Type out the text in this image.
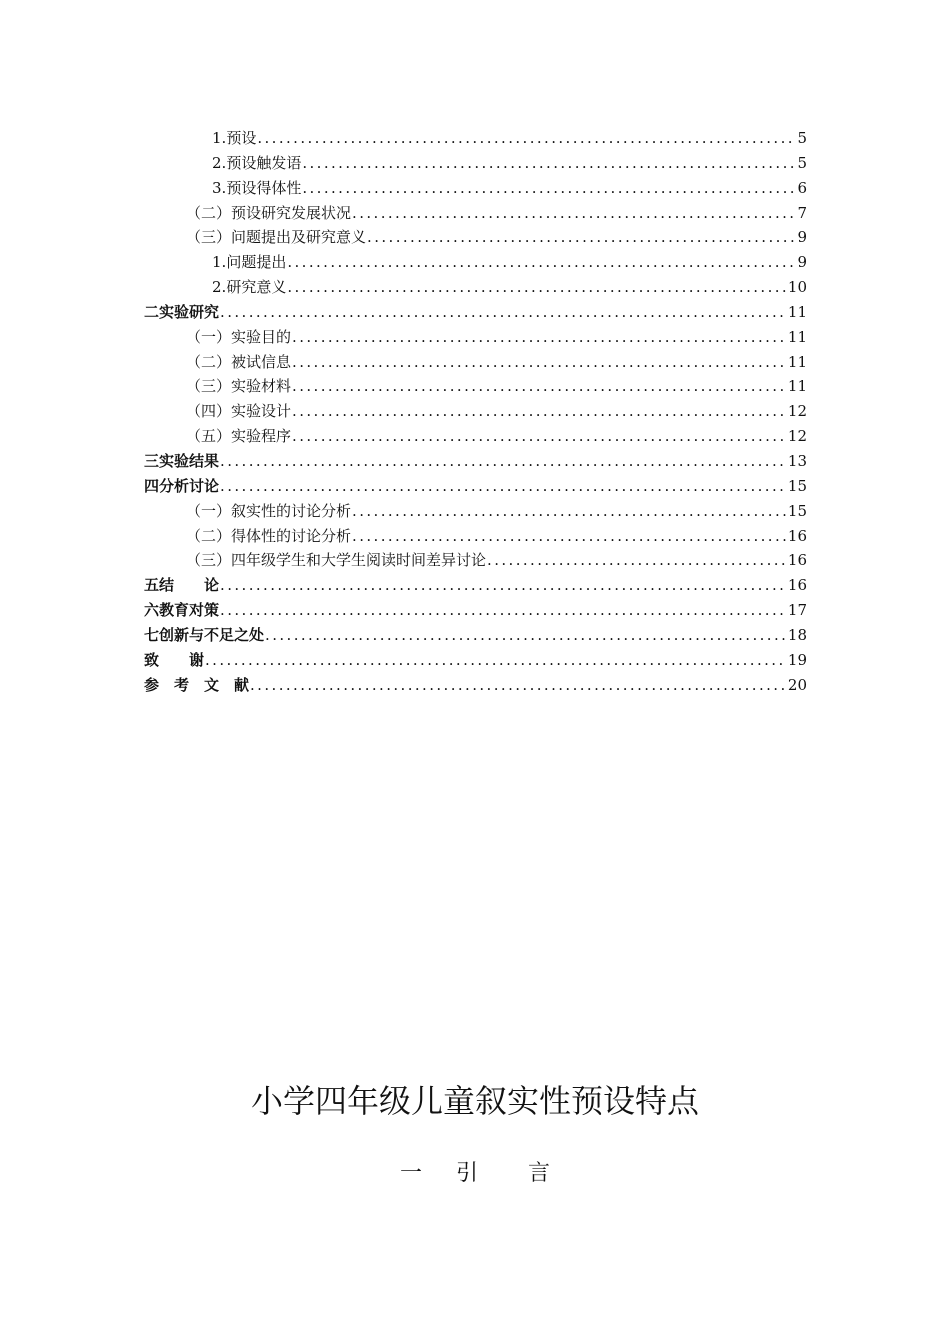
1. 预设 .....	5
2. 预设触发语 .....	5
3. 预设得体性 .....	6
（二） 预设研究发展状况 .....	7
（三） 问题提出及研究意义 .....	9
1. 问题提出 .....	9
2. 研究意义 .....	10
二 实验研究 .....	11
（一） 实验目的 .....	11
（二） 被试信息 .....	11
（三） 实验材料 .....	11
（四） 实验设计 .....	12
（五） 实验程序 .....	12
三 实验结果 .....	13
四 分析讨论 .....	15
（一） 叙实性的讨论分析 .....	15
（二） 得体性的讨论分析 .....	16
（三） 四年级学生和大学生阅读时间差异讨论 .....	16
五 结　　论 .....	16
六 教育对策 .....	17
七 创新与不足之处 .....	18
致　　谢 .....	19
参　考　文　献 .....	20
小学四年级儿童叙实性预设特点
一 引 言
